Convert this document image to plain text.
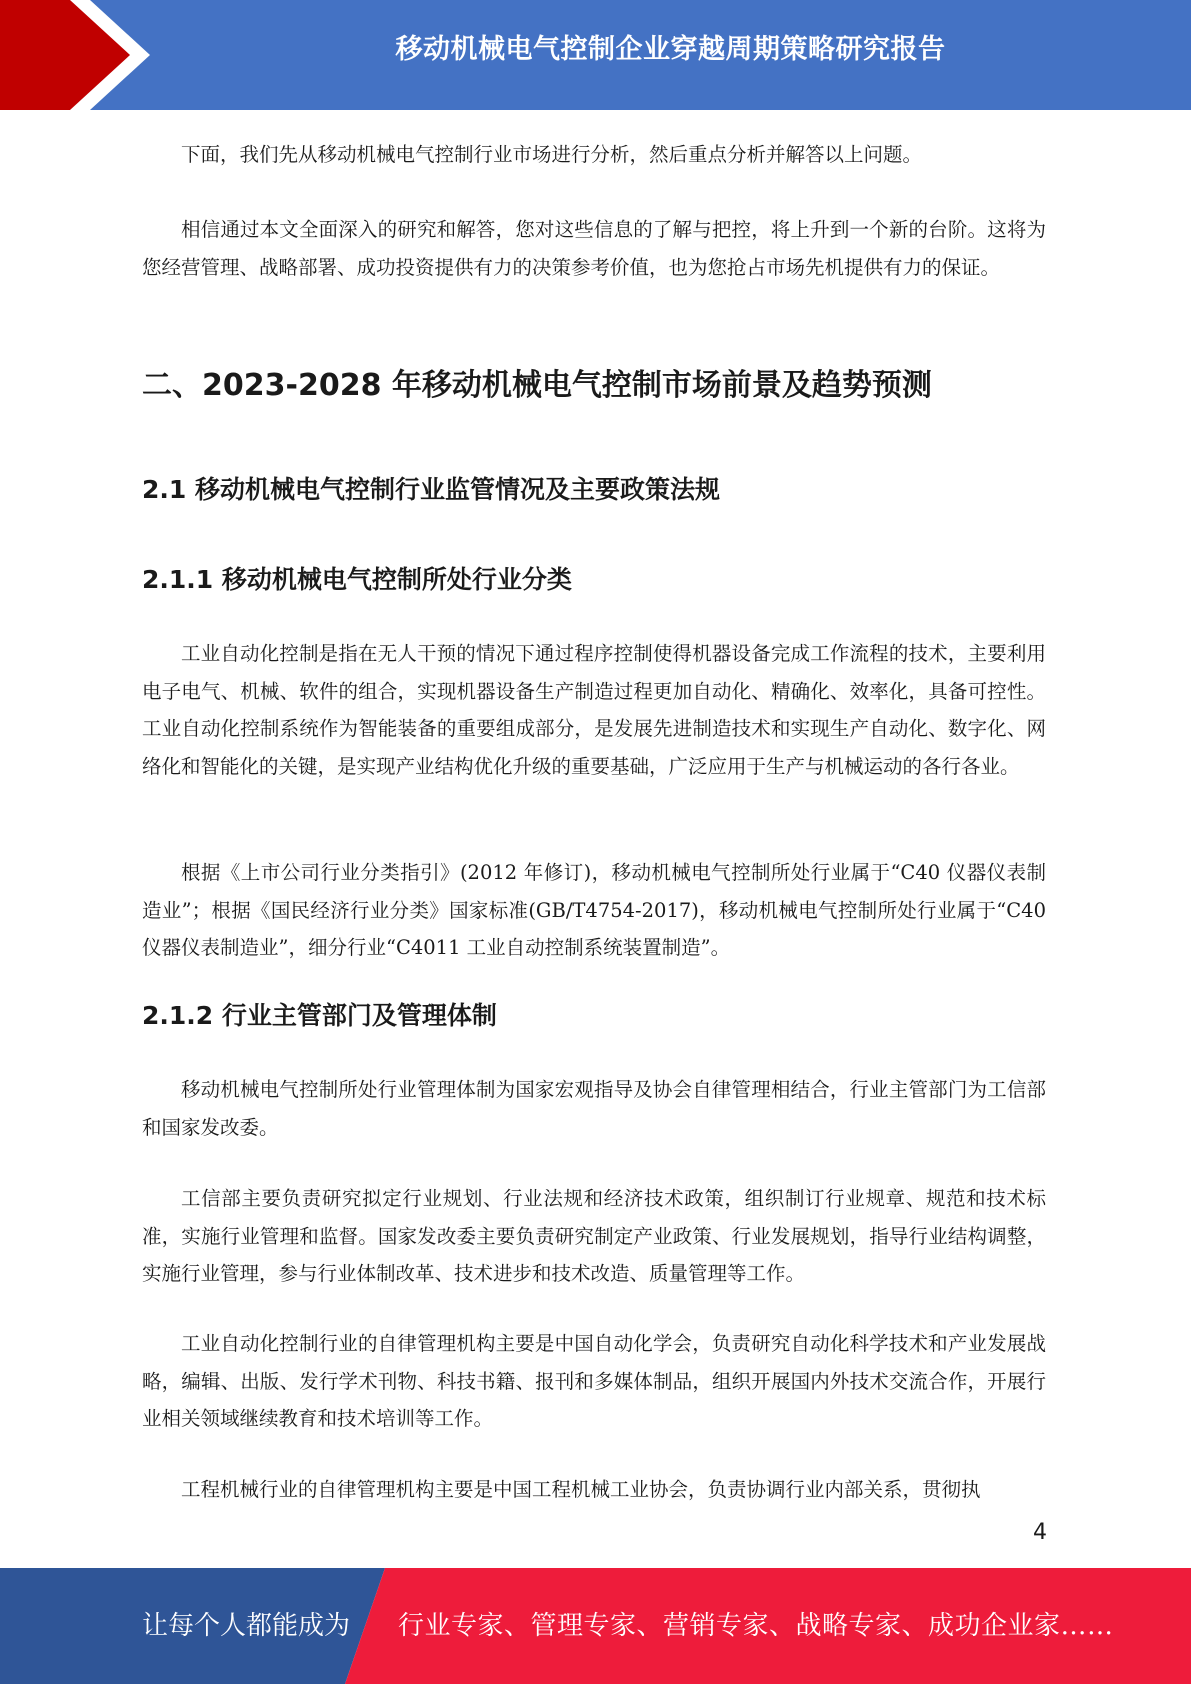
移动机械电气控制企业穿越周期策略研究报告

下面，我们先从移动机械电气控制行业市场进行分析，然后重点分析并解答以上问题。

相信通过本文全面深入的研究和解答，您对这些信息的了解与把控，将上升到一个新的台阶。这将为您经营管理、战略部署、成功投资提供有力的决策参考价值，也为您抢占市场先机提供有力的保证。

二、2023-2028 年移动机械电气控制市场前景及趋势预测
2.1 移动机械电气控制行业监管情况及主要政策法规
2.1.1 移动机械电气控制所处行业分类

工业自动化控制是指在无人干预的情况下通过程序控制使得机器设备完成工作流程的技术，主要利用电子电气、机械、软件的组合，实现机器设备生产制造过程更加自动化、精确化、效率化，具备可控性。工业自动化控制系统作为智能装备的重要组成部分，是发展先进制造技术和实现生产自动化、数字化、网络化和智能化的关键，是实现产业结构优化升级的重要基础，广泛应用于生产与机械运动的各行各业。

根据《上市公司行业分类指引》(2012 年修订)，移动机械电气控制所处行业属于“C40 仪器仪表制造业”；根据《国民经济行业分类》国家标准(GB/T4754-2017)，移动机械电气控制所处行业属于“C40 仪器仪表制造业”，细分行业“C4011 工业自动控制系统装置制造”。

2.1.2 行业主管部门及管理体制

移动机械电气控制所处行业管理体制为国家宏观指导及协会自律管理相结合，行业主管部门为工信部和国家发改委。

工信部主要负责研究拟定行业规划、行业法规和经济技术政策，组织制订行业规章、规范和技术标准，实施行业管理和监督。国家发改委主要负责研究制定产业政策、行业发展规划，指导行业结构调整，实施行业管理，参与行业体制改革、技术进步和技术改造、质量管理等工作。

工业自动化控制行业的自律管理机构主要是中国自动化学会，负责研究自动化科学技术和产业发展战略，编辑、出版、发行学术刊物、科技书籍、报刊和多媒体制品，组织开展国内外技术交流合作，开展行业相关领域继续教育和技术培训等工作。

工程机械行业的自律管理机构主要是中国工程机械工业协会，负责协调行业内部关系，贯彻执

4
让每个人都能成为 行业专家、管理专家、营销专家、战略专家、成功企业家……
